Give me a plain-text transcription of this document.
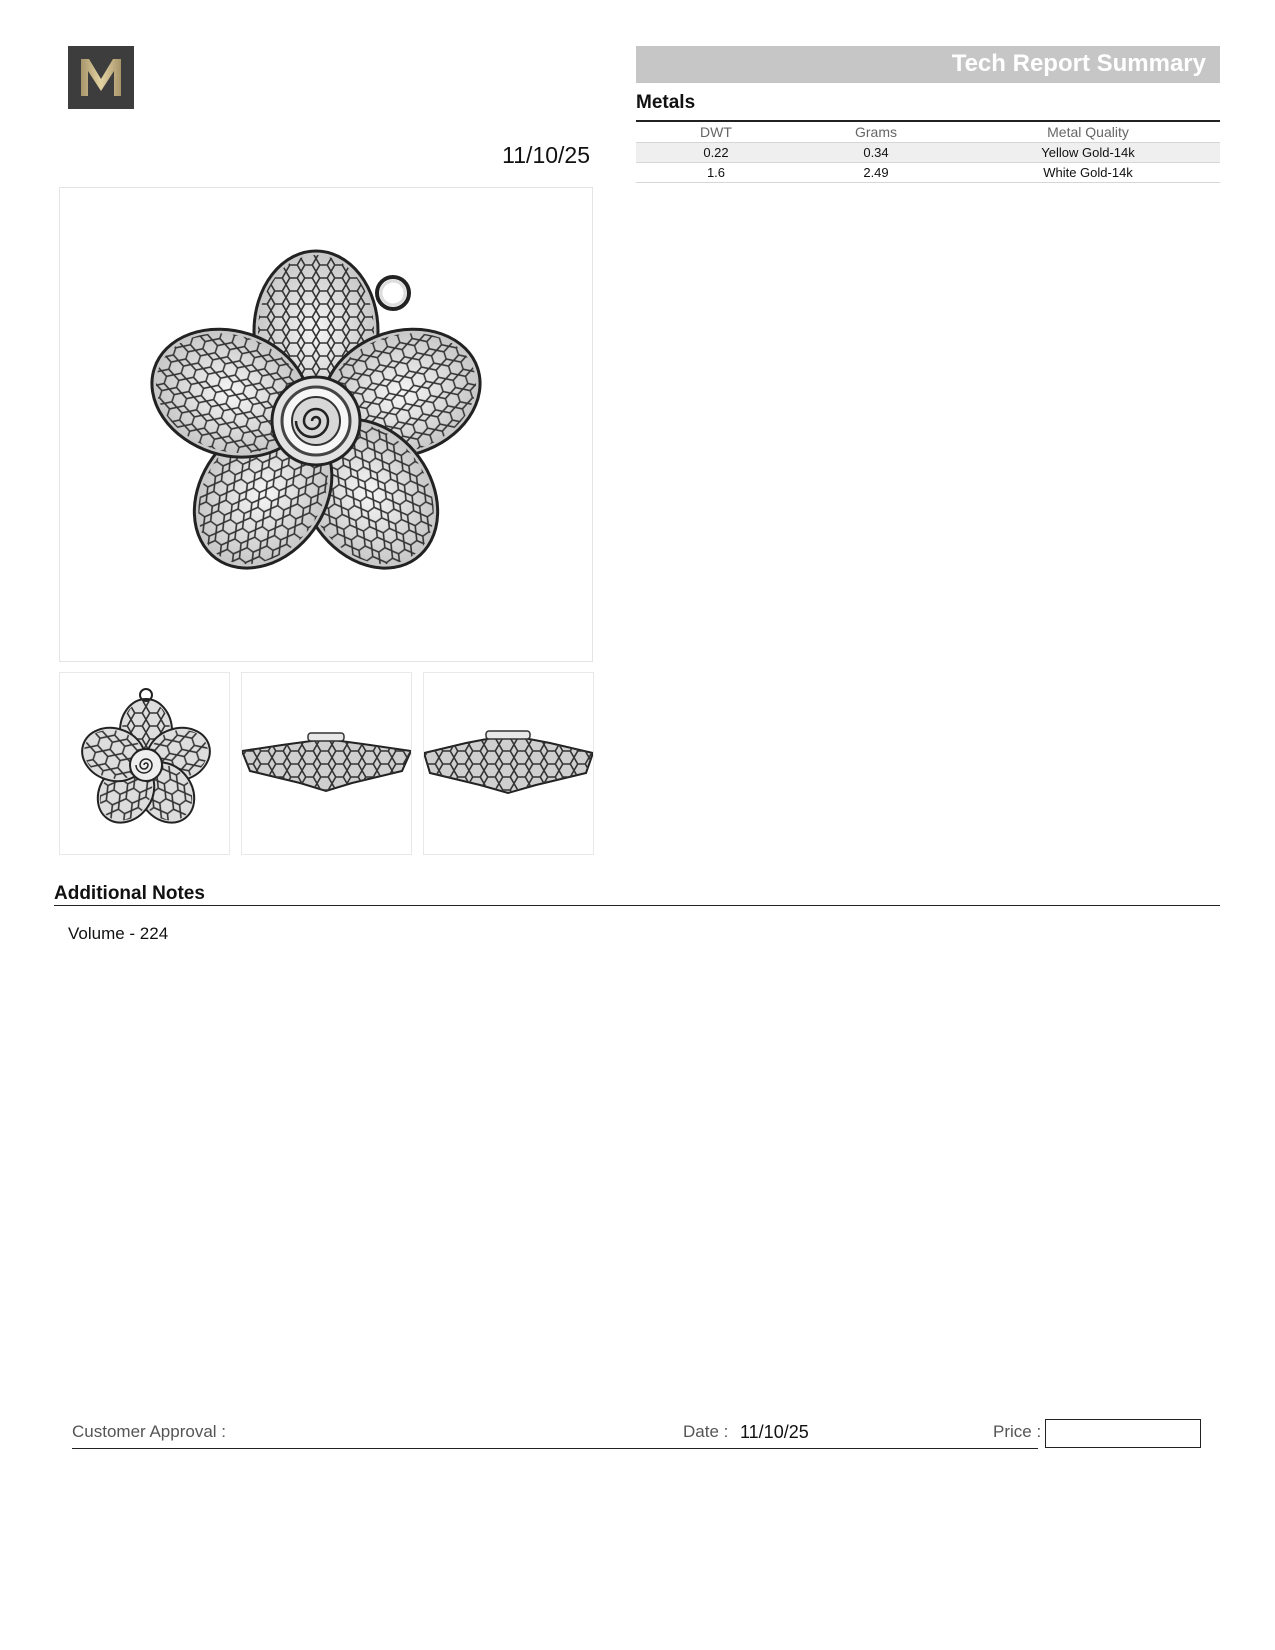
11/10/25
Tech Report Summary
Metals
DWT	Grams	Metal Quality
0.22	0.34	Yellow Gold-14k
1.6	2.49	White Gold-14k
Additional Notes
Volume - 224
Customer Approval :	Date : 11/10/25	Price :
